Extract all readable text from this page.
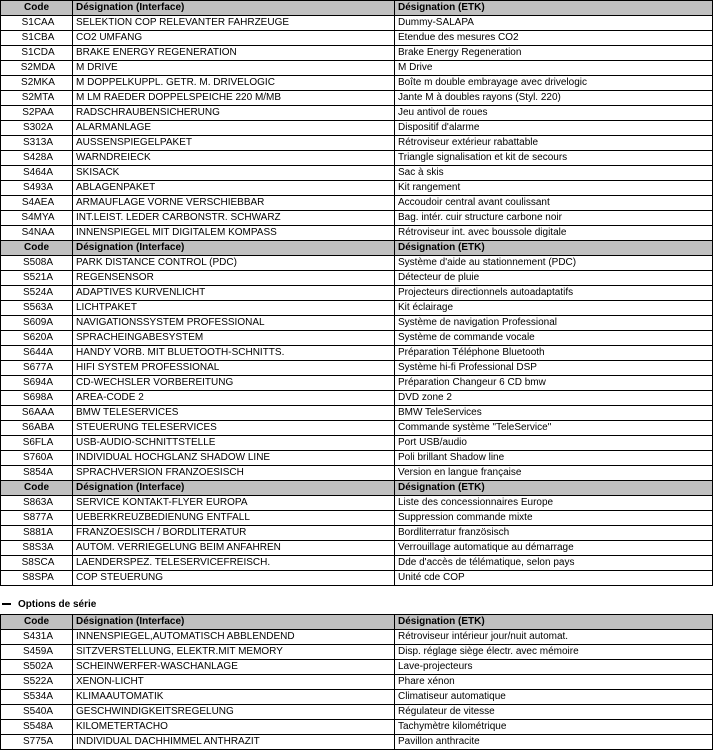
Code	Désignation (Interface)	Désignation (ETK)
S1CAA	SELEKTION COP RELEVANTER FAHRZEUGE	Dummy-SALAPA
S1CBA	CO2 UMFANG	Etendue des mesures CO2
S1CDA	BRAKE ENERGY REGENERATION	Brake Energy Regeneration
S2MDA	M DRIVE	M Drive
S2MKA	M DOPPELKUPPL. GETR. M. DRIVELOGIC	Boîte m double embrayage avec drivelogic
S2MTA	M LM RAEDER DOPPELSPEICHE 220 M/MB	Jante M à doubles rayons (Styl. 220)
S2PAA	RADSCHRAUBENSICHERUNG	Jeu antivol de roues
S302A	ALARMANLAGE	Dispositif d'alarme
S313A	AUSSENSPIEGELPAKET	Rétroviseur extérieur rabattable
S428A	WARNDREIECK	Triangle signalisation et kit de secours
S464A	SKISACK	Sac à skis
S493A	ABLAGENPAKET	Kit rangement
S4AEA	ARMAUFLAGE VORNE VERSCHIEBBAR	Accoudoir central avant coulissant
S4MYA	INT.LEIST. LEDER CARBONSTR. SCHWARZ	Bag. intér. cuir structure carbone noir
S4NAA	INNENSPIEGEL MIT DIGITALEM KOMPASS	Rétroviseur int. avec boussole digitale
Code	Désignation (Interface)	Désignation (ETK)
S508A	PARK DISTANCE CONTROL (PDC)	Système d'aide au stationnement (PDC)
S521A	REGENSENSOR	Détecteur de pluie
S524A	ADAPTIVES KURVENLICHT	Projecteurs directionnels autoadaptatifs
S563A	LICHTPAKET	Kit éclairage
S609A	NAVIGATIONSSYSTEM PROFESSIONAL	Système de navigation Professional
S620A	SPRACHEINGABESYSTEM	Système de commande vocale
S644A	HANDY VORB. MIT BLUETOOTH-SCHNITTS.	Préparation Téléphone Bluetooth
S677A	HIFI SYSTEM PROFESSIONAL	Système hi-fi Professional DSP
S694A	CD-WECHSLER VORBEREITUNG	Préparation Changeur 6 CD bmw
S698A	AREA-CODE 2	DVD zone 2
S6AAA	BMW TELESERVICES	BMW TeleServices
S6ABA	STEUERUNG TELESERVICES	Commande système "TeleService"
S6FLA	USB-AUDIO-SCHNITTSTELLE	Port USB/audio
S760A	INDIVIDUAL HOCHGLANZ SHADOW LINE	Poli brillant Shadow line
S854A	SPRACHVERSION FRANZOESISCH	Version en langue française
Code	Désignation (Interface)	Désignation (ETK)
S863A	SERVICE KONTAKT-FLYER EUROPA	Liste des concessionnaires Europe
S877A	UEBERKREUZBEDIENUNG ENTFALL	Suppression commande mixte
S881A	FRANZOESISCH / BORDLITERATUR	Bordliterratur französisch
S8S3A	AUTOM. VERRIEGELUNG BEIM ANFAHREN	Verrouillage automatique au démarrage
S8SCA	LAENDERSPEZ. TELESERVICEFREISCH.	Dde d'accès de télématique, selon pays
S8SPA	COP STEUERUNG	Unité cde COP
Options de série
Code	Désignation (Interface)	Désignation (ETK)
S431A	INNENSPIEGEL,AUTOMATISCH ABBLENDEND	Rétroviseur intérieur jour/nuit automat.
S459A	SITZVERSTELLUNG, ELEKTR.MIT MEMORY	Disp. réglage siège électr. avec mémoire
S502A	SCHEINWERFER-WASCHANLAGE	Lave-projecteurs
S522A	XENON-LICHT	Phare xénon
S534A	KLIMAAUTOMATIK	Climatiseur automatique
S540A	GESCHWINDIGKEITSREGELUNG	Régulateur de vitesse
S548A	KILOMETERTACHO	Tachymètre kilométrique
S775A	INDIVIDUAL DACHHIMMEL ANTHRAZIT	Pavillon anthracite
